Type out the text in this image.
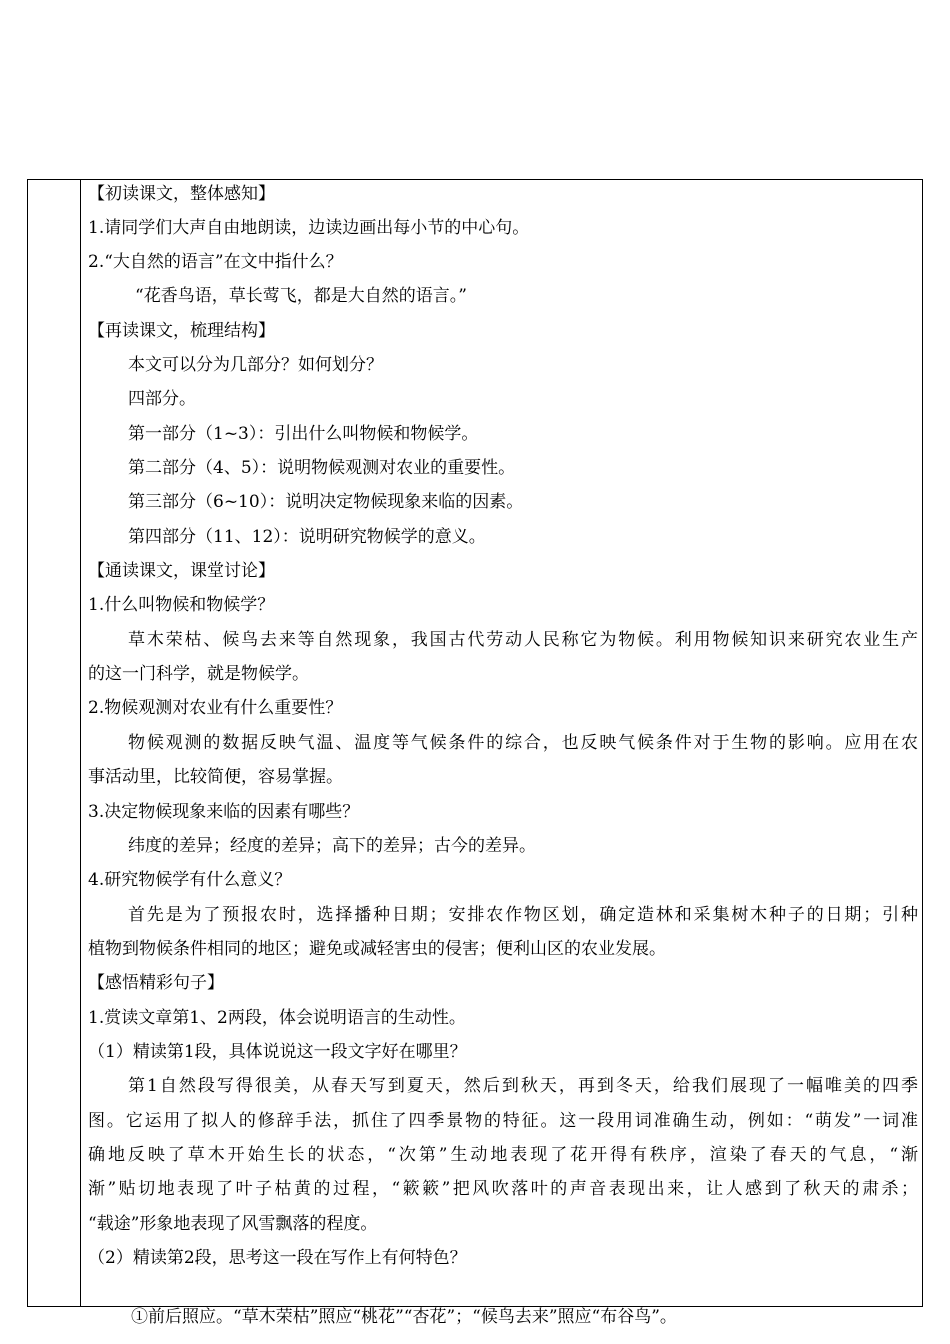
【初读课文，整体感知】
1.请同学们大声自由地朗读，边读边画出每小节的中心句。
2.“大自然的语言”在文中指什么？
“花香鸟语，草长莺飞，都是大自然的语言。”
【再读课文，梳理结构】
本文可以分为几部分？如何划分？
四部分。
第一部分（1~3）：引出什么叫物候和物候学。
第二部分（4、5）：说明物候观测对农业的重要性。
第三部分（6~10）：说明决定物候现象来临的因素。
第四部分（11、12）：说明研究物候学的意义。
【通读课文，课堂讨论】
1.什么叫物候和物候学？
草木荣枯、候鸟去来等自然现象，我国古代劳动人民称它为物候。利用物候知识来研究农业生产
的这一门科学，就是物候学。
2.物候观测对农业有什么重要性？
物候观测的数据反映气温、温度等气候条件的综合，也反映气候条件对于生物的影响。应用在农
事活动里，比较简便，容易掌握。
3.决定物候现象来临的因素有哪些？
纬度的差异；经度的差异；高下的差异；古今的差异。
4.研究物候学有什么意义？
首先是为了预报农时，选择播种日期；安排农作物区划，确定造林和采集树木种子的日期；引种
植物到物候条件相同的地区；避免或减轻害虫的侵害；便利山区的农业发展。
【感悟精彩句子】
1.赏读文章第1、2两段，体会说明语言的生动性。
（1）精读第1段，具体说说这一段文字好在哪里？
第1自然段写得很美，从春天写到夏天，然后到秋天，再到冬天，给我们展现了一幅唯美的四季
图。它运用了拟人的修辞手法，抓住了四季景物的特征。这一段用词准确生动，例如：“萌发”一词准
确地反映了草木开始生长的状态，“次第”生动地表现了花开得有秩序，渲染了春天的气息，“渐
渐”贴切地表现了叶子枯黄的过程，“簌簌”把风吹落叶的声音表现出来，让人感到了秋天的肃杀；
“载途”形象地表现了风雪飘落的程度。
（2）精读第2段，思考这一段在写作上有何特色？
①前后照应。“草木荣枯”照应“桃花”“杏花”；“候鸟去来”照应“布谷鸟”。
